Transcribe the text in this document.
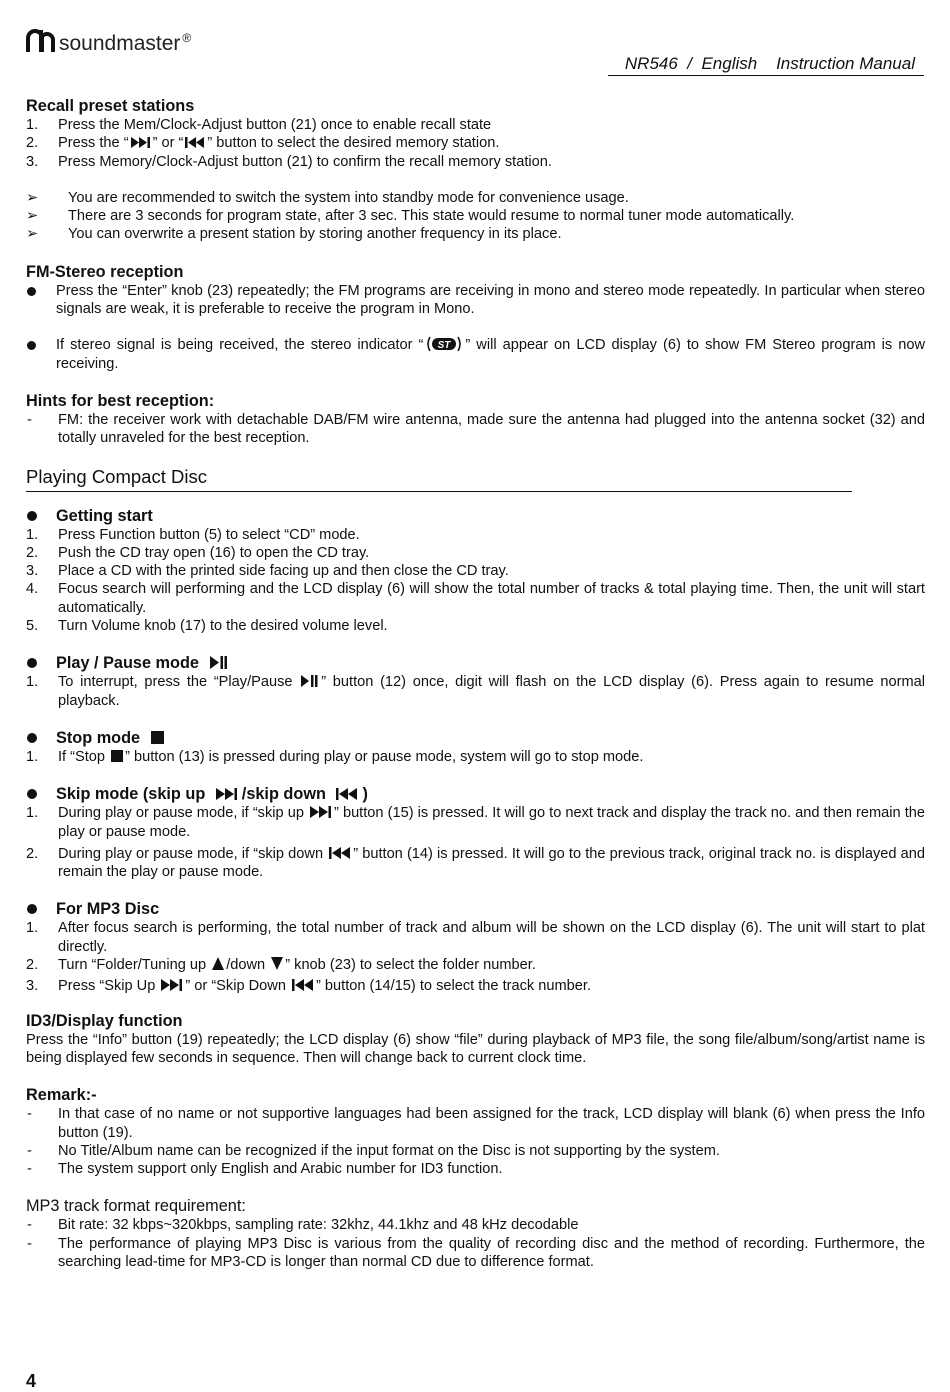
soundmaster ®
NR546  /  English    Instruction Manual
Recall preset stations
1. Press the Mem/Clock-Adjust button (21) once to enable recall state
2. Press the “ ” or “ ” button to select the desired memory station.
3. Press Memory/Clock-Adjust button (21) to confirm the recall memory station.
➢ You are recommended to switch the system into standby mode for convenience usage.
➢ There are 3 seconds for program state, after 3 sec. This state would resume to normal tuner mode automatically.
➢ You can overwrite a present station by storing another frequency in its place.
FM-Stereo reception
Press the “Enter” knob (23) repeatedly; the FM programs are receiving in mono and stereo mode repeatedly. In particular when stereo signals are weak, it is preferable to receive the program in Mono.
If stereo signal is being received, the stereo indicator “ ST ” will appear on LCD display (6) to show FM Stereo program is now receiving.
Hints for best reception:
- FM: the receiver work with detachable DAB/FM wire antenna, made sure the antenna had plugged into the antenna socket (32) and totally unraveled for the best reception.
Playing Compact Disc
Getting start
1. Press Function button (5) to select “CD” mode.
2. Push the CD tray open (16) to open the CD tray.
3. Place a CD with the printed side facing up and then close the CD tray.
4. Focus search will performing and the LCD display (6) will show the total number of tracks & total playing time. Then, the unit will start automatically.
5. Turn Volume knob (17) to the desired volume level.
Play / Pause mode
1. To interrupt, press the “Play/Pause ” button (12) once, digit will flash on the LCD display (6). Press again to resume normal playback.
Stop mode
1. If “Stop ” button (13) is pressed during play or pause mode, system will go to stop mode.
Skip mode (skip up /skip down )
1. During play or pause mode, if “skip up ” button (15) is pressed. It will go to next track and display the track no. and then remain the play or pause mode.
2. During play or pause mode, if “skip down ” button (14) is pressed. It will go to the previous track, original track no. is displayed and remain the play or pause mode.
For MP3 Disc
1. After focus search is performing, the total number of track and album will be shown on the LCD display (6). The unit will start to plat directly.
2. Turn “Folder/Tuning up /down ” knob (23) to select the folder number.
3. Press “Skip Up ” or “Skip Down ” button (14/15) to select the track number.
ID3/Display function
Press the “Info” button (19) repeatedly; the LCD display (6) show “file” during playback of MP3 file, the song file/album/song/artist name is being displayed few seconds in sequence. Then will change back to current clock time.
Remark:-
- In that case of no name or not supportive languages had been assigned for the track, LCD display will blank (6) when press the Info button (19).
- No Title/Album name can be recognized if the input format on the Disc is not supporting by the system.
- The system support only English and Arabic number for ID3 function.
MP3 track format requirement:
- Bit rate: 32 kbps~320kbps, sampling rate: 32khz, 44.1khz and 48 kHz decodable
- The performance of playing MP3 Disc is various from the quality of recording disc and the method of recording. Furthermore, the searching lead-time for MP3-CD is longer than normal CD due to difference format.
4
